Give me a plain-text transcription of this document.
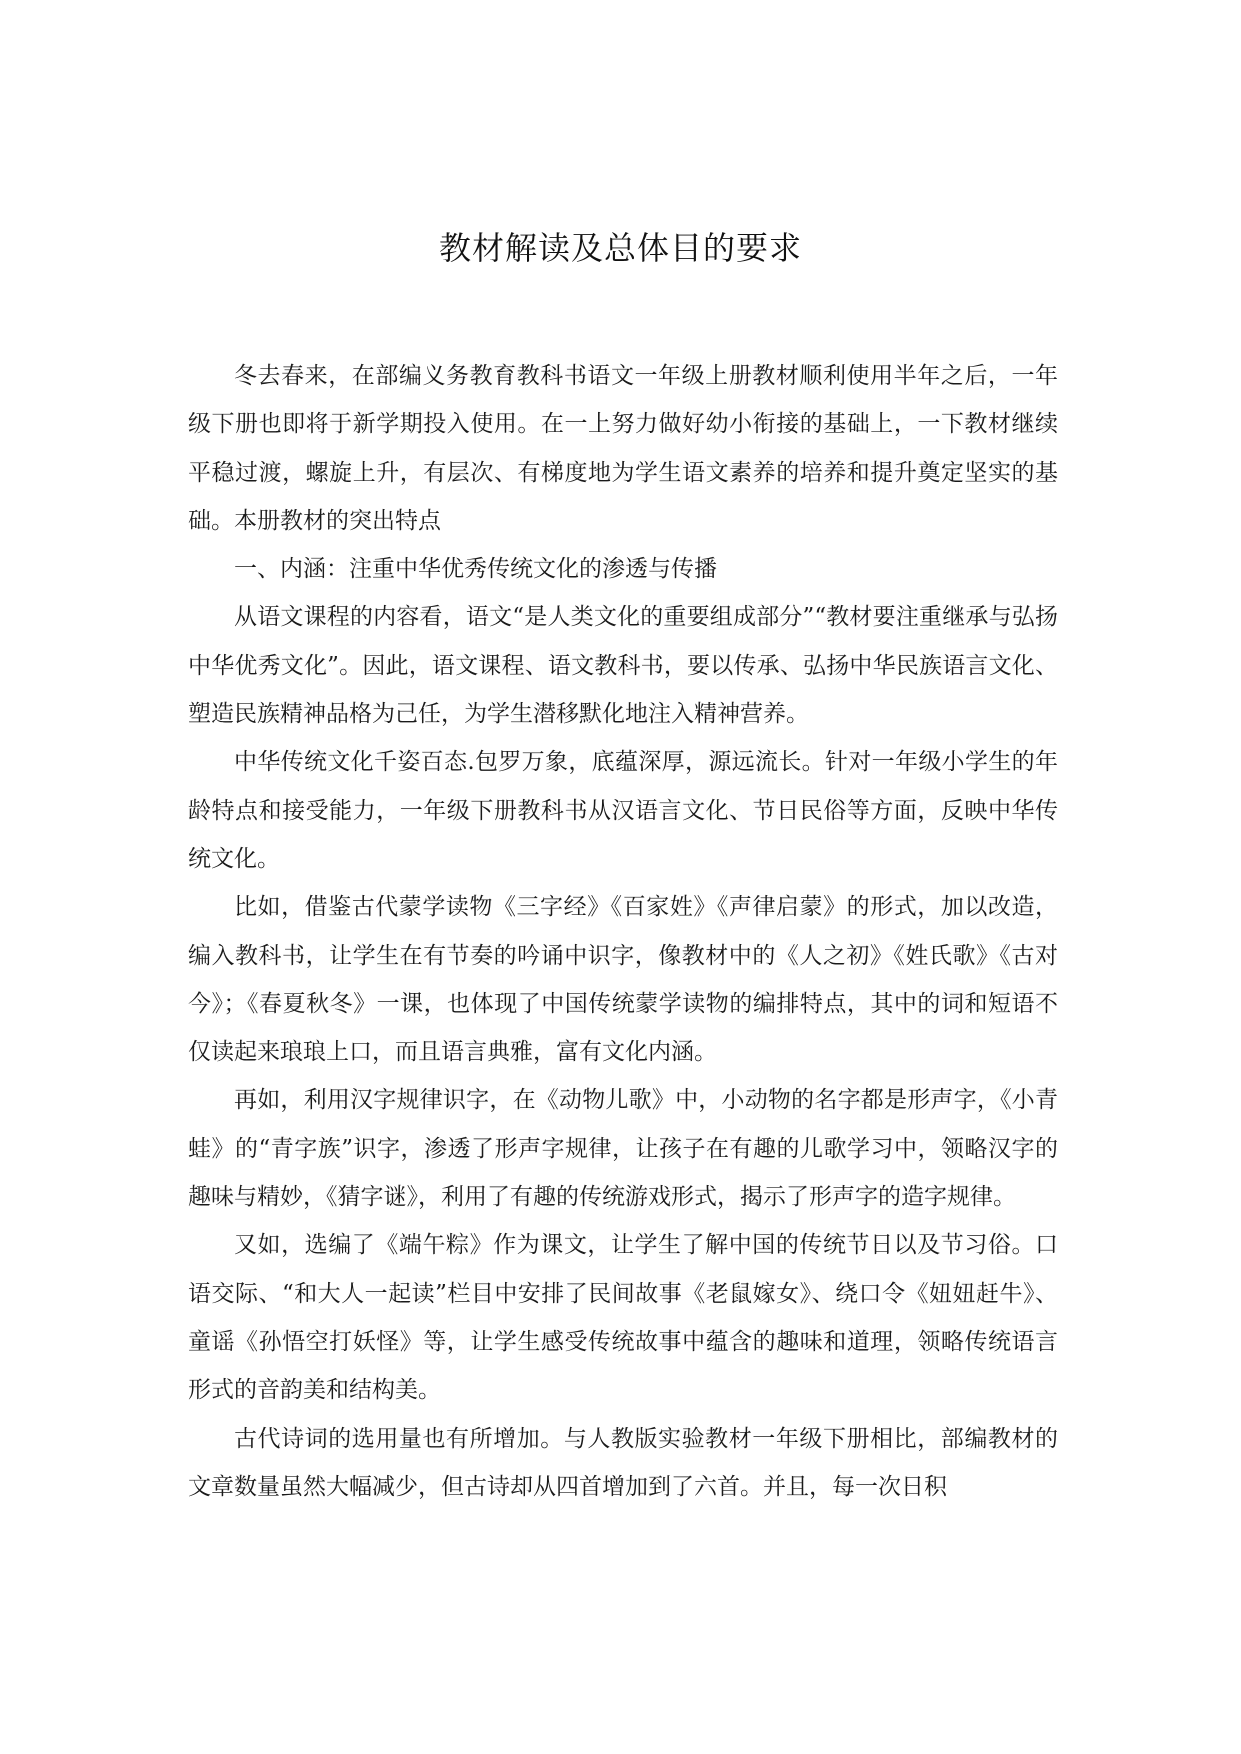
教材解读及总体目的要求

冬去春来，在部编义务教育教科书语文一年级上册教材顺利使用半年之后，一年级下册也即将于新学期投入使用。在一上努力做好幼小衔接的基础上，一下教材继续平稳过渡，螺旋上升，有层次、有梯度地为学生语文素养的培养和提升奠定坚实的基础。本册教材的突出特点

一、内涵：注重中华优秀传统文化的渗透与传播

从语文课程的内容看，语文“是人类文化的重要组成部分”“教材要注重继承与弘扬中华优秀文化”。因此，语文课程、语文教科书，要以传承、弘扬中华民族语言文化、塑造民族精神品格为己任，为学生潜移默化地注入精神营养。

中华传统文化千姿百态.包罗万象，底蕴深厚，源远流长。针对一年级小学生的年龄特点和接受能力，一年级下册教科书从汉语言文化、节日民俗等方面，反映中华传统文化。

比如，借鉴古代蒙学读物《三字经》《百家姓》《声律启蒙》的形式，加以改造，编入教科书，让学生在有节奏的吟诵中识字，像教材中的《人之初》《姓氏歌》《古对今》；《春夏秋冬》一课，也体现了中国传统蒙学读物的编排特点，其中的词和短语不仅读起来琅琅上口，而且语言典雅，富有文化内涵。

再如，利用汉字规律识字，在《动物儿歌》中，小动物的名字都是形声字，《小青蛙》的“青字族”识字，渗透了形声字规律，让孩子在有趣的儿歌学习中，领略汉字的趣味与精妙，《猜字谜》，利用了有趣的传统游戏形式，揭示了形声字的造字规律。

又如，选编了《端午粽》作为课文，让学生了解中国的传统节日以及节习俗。口语交际、“和大人一起读”栏目中安排了民间故事《老鼠嫁女》、绕口令《妞妞赶牛》、童谣《孙悟空打妖怪》等，让学生感受传统故事中蕴含的趣味和道理，领略传统语言形式的音韵美和结构美。

古代诗词的选用量也有所增加。与人教版实验教材一年级下册相比，部编教材的文章数量虽然大幅减少，但古诗却从四首增加到了六首。并且，每一次日积
